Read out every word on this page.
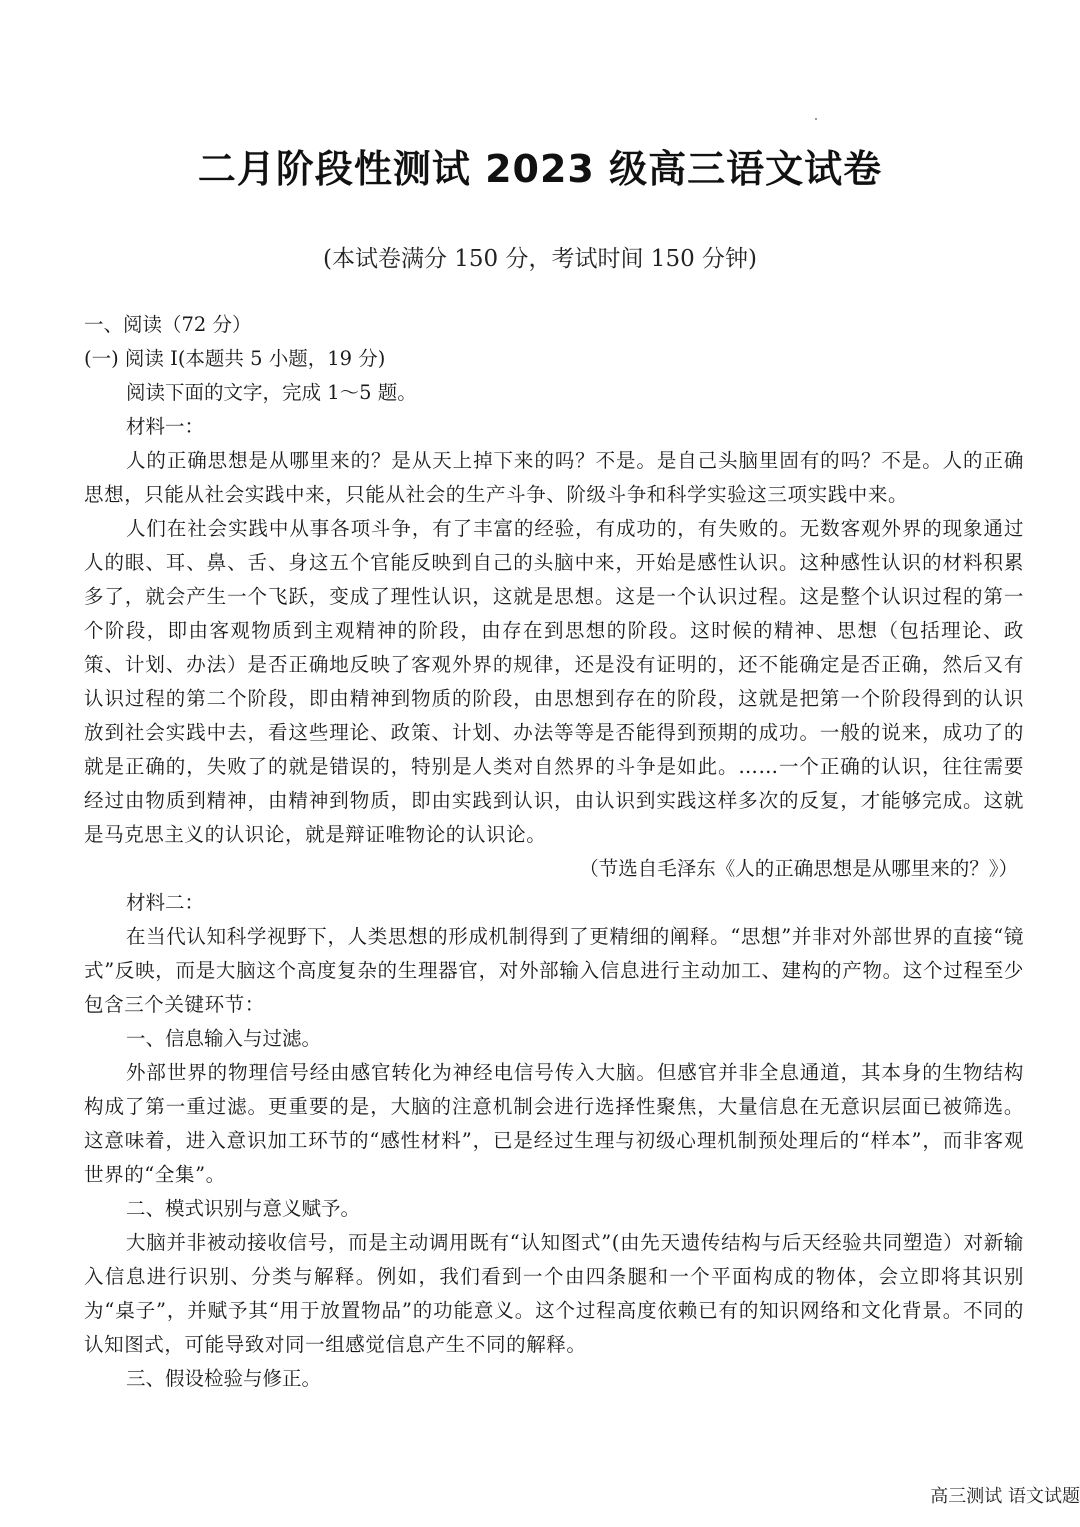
二月阶段性测试 2023 级高三语文试卷
(本试卷满分 150 分，考试时间 150 分钟)

一、阅读（72 分）

(一) 阅读 I(本题共 5 小题，19 分)

阅读下面的文字，完成 1～5 题。

材料一：

人的正确思想是从哪里来的？是从天上掉下来的吗？不是。是自己头脑里固有的吗？不是。人的正确思想，只能从社会实践中来，只能从社会的生产斗争、阶级斗争和科学实验这三项实践中来。

人们在社会实践中从事各项斗争，有了丰富的经验，有成功的，有失败的。无数客观外界的现象通过人的眼、耳、鼻、舌、身这五个官能反映到自己的头脑中来，开始是感性认识。这种感性认识的材料积累多了，就会产生一个飞跃，变成了理性认识，这就是思想。这是一个认识过程。这是整个认识过程的第一个阶段，即由客观物质到主观精神的阶段，由存在到思想的阶段。这时候的精神、思想（包括理论、政策、计划、办法）是否正确地反映了客观外界的规律，还是没有证明的，还不能确定是否正确，然后又有认识过程的第二个阶段，即由精神到物质的阶段，由思想到存在的阶段，这就是把第一个阶段得到的认识放到社会实践中去，看这些理论、政策、计划、办法等等是否能得到预期的成功。一般的说来，成功了的就是正确的，失败了的就是错误的，特别是人类对自然界的斗争是如此。……一个正确的认识，往往需要经过由物质到精神，由精神到物质，即由实践到认识，由认识到实践这样多次的反复，才能够完成。这就是马克思主义的认识论，就是辩证唯物论的认识论。

（节选自毛泽东《人的正确思想是从哪里来的？》）

材料二：

在当代认知科学视野下，人类思想的形成机制得到了更精细的阐释。“思想”并非对外部世界的直接“镜式”反映，而是大脑这个高度复杂的生理器官，对外部输入信息进行主动加工、建构的产物。这个过程至少包含三个关键环节：

一、信息输入与过滤。

外部世界的物理信号经由感官转化为神经电信号传入大脑。但感官并非全息通道，其本身的生物结构构成了第一重过滤。更重要的是，大脑的注意机制会进行选择性聚焦，大量信息在无意识层面已被筛选。这意味着，进入意识加工环节的“感性材料”，已是经过生理与初级心理机制预处理后的“样本”，而非客观世界的“全集”。

二、模式识别与意义赋予。

大脑并非被动接收信号，而是主动调用既有“认知图式”(由先天遗传结构与后天经验共同塑造）对新输入信息进行识别、分类与解释。例如，我们看到一个由四条腿和一个平面构成的物体，会立即将其识别为“桌子”，并赋予其“用于放置物品”的功能意义。这个过程高度依赖已有的知识网络和文化背景。不同的认知图式，可能导致对同一组感觉信息产生不同的解释。

三、假设检验与修正。

高三测试 语文试题
